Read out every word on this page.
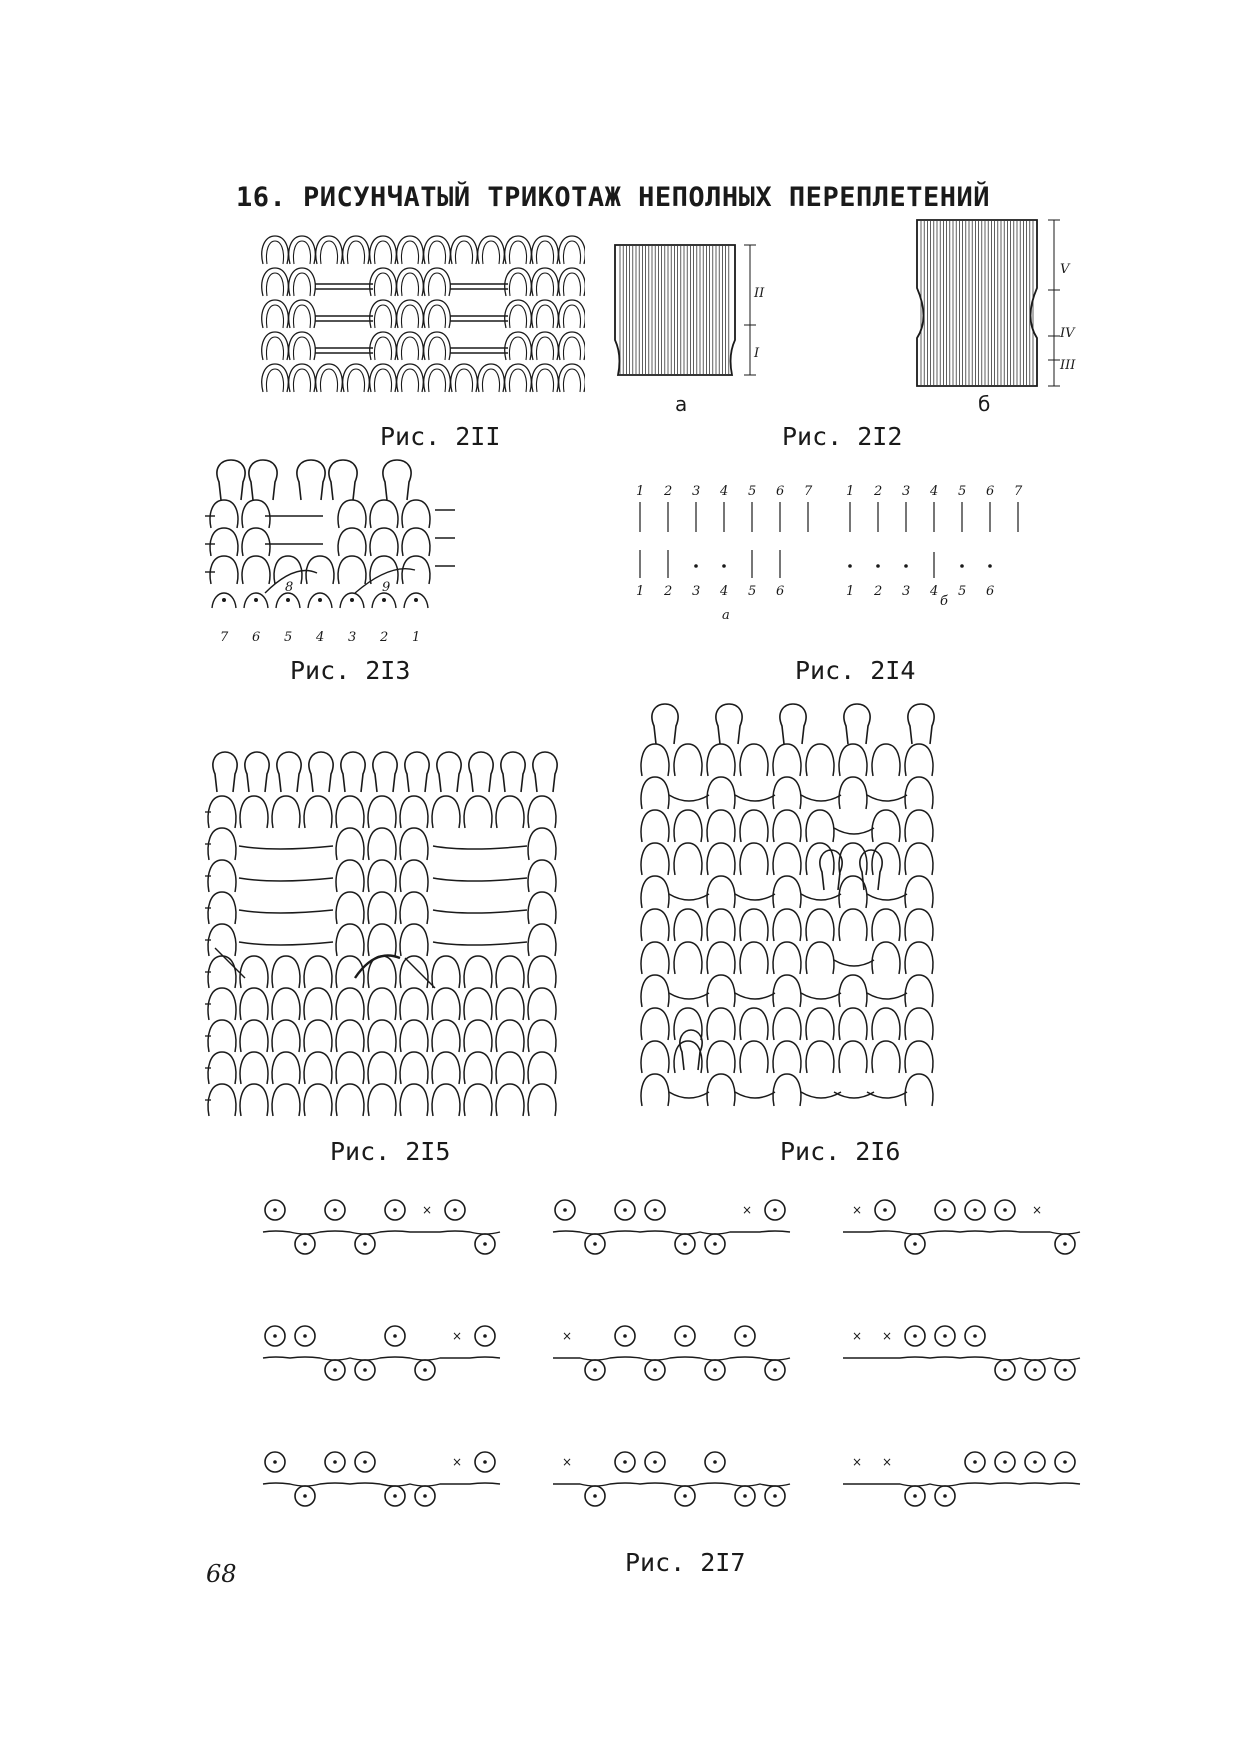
16. РИСУНЧАТЫЙ ТРИКОТАЖ НЕПОЛНЫХ ПЕРЕПЛЕТЕНИЙ
Рис. 2II
а
II
I
б
V
IV
III
Рис. 2I2
7 6 5 4 3 2 1
8	9
Рис. 2I3
1	1
2	2
3	3
4	4
5	5
6	6
7	7
1	1
2	2
3	3
4	4
5	5
6	6
а
б
Рис. 2I4
Рис. 2I5	Рис. 2I6
×	×	×	×
×	×	× ×
×	×	× ×
Рис. 2I7
68
